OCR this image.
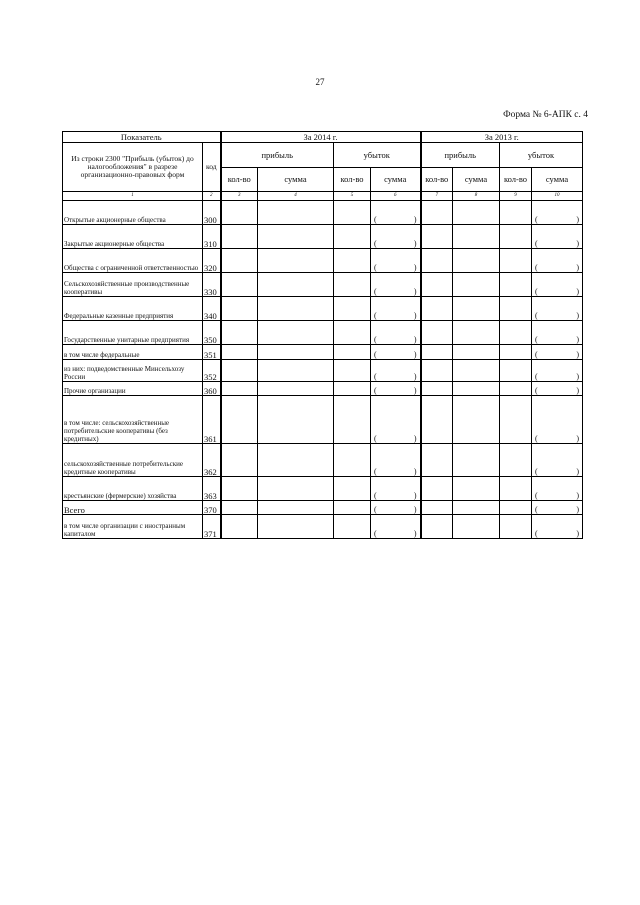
27
Форма № 6-АПК с. 4
Показатель		За 2014 г.				За 2013 г.			
Из строки 2300 "Прибыль (убыток) до налогообложения" в разрезе организационно-правовых форм	код	прибыль		убыток		прибыль		убыток	
		кол-во	сумма	кол-во	сумма	кол-во	сумма	кол-во	сумма
1	2	3	4	5	6	7	8	9	10
Открытые акционерные общества	300				( )				( )

Закрытые акционерные общества	310				( )				( )

Общества с ограниченной ответственностью	320				( )				( )

Сельскохозяйственные производственные кооперативы	330				( )				( )

Федеральные казенные предприятия	340				( )				( )

Государственные унитарные предприятия	350				( )				( )

в том числе федеральные	351				( )				( )

из них: подведомственные Минсельхозу России	352				( )				( )

Прочие организации	360				( )				( )

в том числе: сельскохозяйственные потребительские кооперативы (без кредитных)	361				( )				( )

сельскохозяйственные потребительские кредитные кооперативы	362				( )				( )

крестьянские (фермерские) хозяйства	363				( )				( )

Всего	370				( )				( )

в том числе организации с иностранным капиталом	371				( )				( )
